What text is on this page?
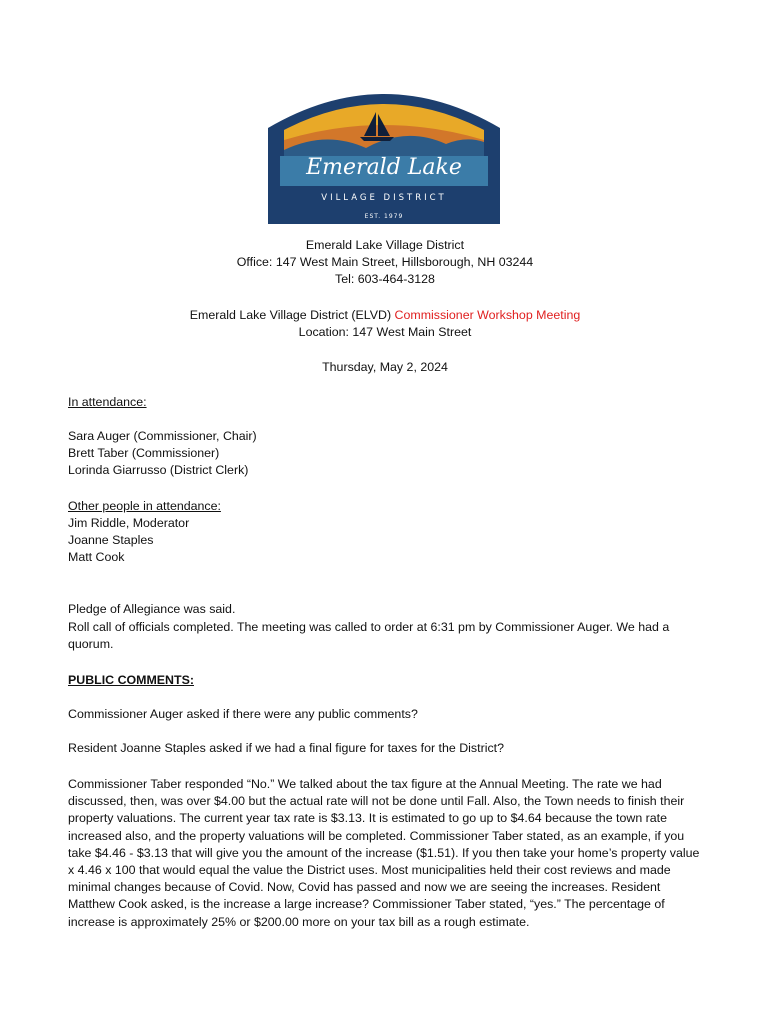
Emerald Lake
VILLAGE DISTRICT
EST. 1979
Emerald Lake Village District
Office: 147 West Main Street, Hillsborough, NH 03244
Tel: 603-464-3128
Emerald Lake Village District (ELVD) Commissioner Workshop Meeting
Location: 147 West Main Street
Thursday, May 2, 2024
In attendance:
Sara Auger (Commissioner, Chair)
Brett Taber (Commissioner)
Lorinda Giarrusso (District Clerk)
Other people in attendance:
Jim Riddle, Moderator
Joanne Staples
Matt Cook
Pledge of Allegiance was said.
Roll call of officials completed. The meeting was called to order at 6:31 pm by Commissioner Auger. We had a quorum.
PUBLIC COMMENTS:
Commissioner Auger asked if there were any public comments?
Resident Joanne Staples asked if we had a final figure for taxes for the District?
Commissioner Taber responded “No.” We talked about the tax figure at the Annual Meeting. The rate we had discussed, then, was over $4.00 but the actual rate will not be done until Fall. Also, the Town needs to finish their property valuations. The current year tax rate is $3.13. It is estimated to go up to $4.64 because the town rate increased also, and the property valuations will be completed. Commissioner Taber stated, as an example, if you take $4.46 - $3.13 that will give you the amount of the increase ($1.51). If you then take your home’s property value x 4.46 x 100 that would equal the value the District uses. Most municipalities held their cost reviews and made minimal changes because of Covid. Now, Covid has passed and now we are seeing the increases. Resident Matthew Cook asked, is the increase a large increase? Commissioner Taber stated, “yes.” The percentage of increase is approximately 25% or $200.00 more on your tax bill as a rough estimate.
